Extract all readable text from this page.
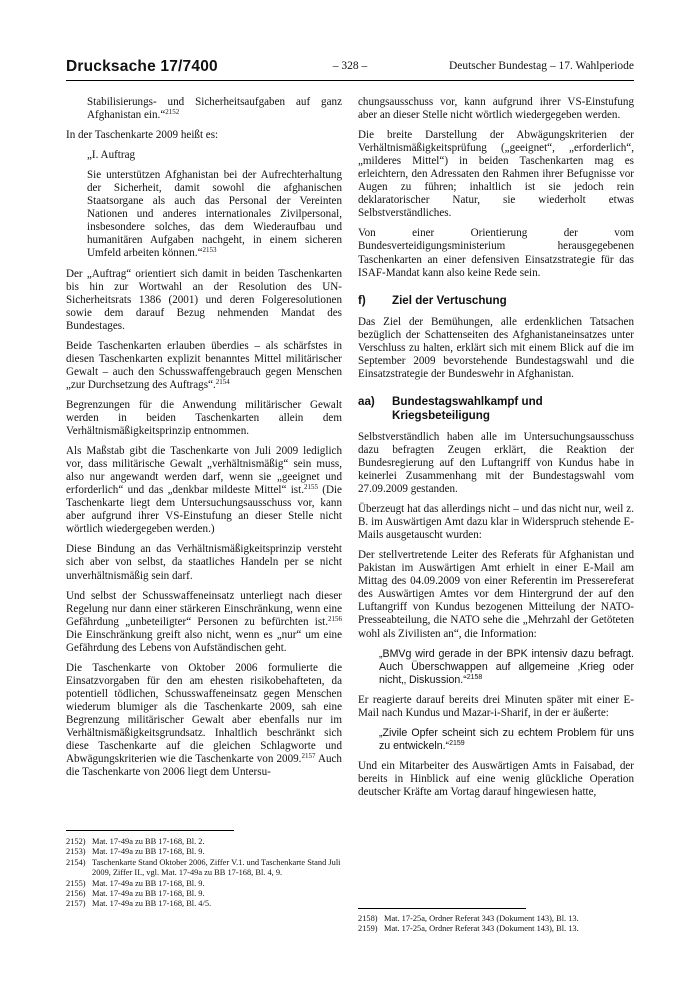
Drucksache 17/7400	– 328 –	Deutscher Bundestag – 17. Wahlperiode

Stabilisierungs- und Sicherheitsaufgaben auf ganz Afghanistan ein.“$^{2152}$

In der Taschenkarte 2009 heißt es:

„I. Auftrag

Sie unterstützen Afghanistan bei der Aufrechterhaltung der Sicherheit, damit sowohl die afghanischen Staatsorgane als auch das Personal der Vereinten Nationen und anderes internationales Zivilpersonal, insbesondere solches, das dem Wiederaufbau und humanitären Aufgaben nachgeht, in einem sicheren Umfeld arbeiten können.“$^{2153}$

Der „Auftrag“ orientiert sich damit in beiden Taschenkarten bis hin zur Wortwahl an der Resolution des UN-Sicherheitsrats 1386 (2001) und deren Folgeresolutionen sowie dem darauf Bezug nehmenden Mandat des Bundestages.

Beide Taschenkarten erlauben überdies – als schärfstes in diesen Taschenkarten explizit benanntes Mittel militärischer Gewalt – auch den Schusswaffengebrauch gegen Menschen „zur Durchsetzung des Auftrags“.$^{2154}$

Begrenzungen für die Anwendung militärischer Gewalt werden in beiden Taschenkarten allein dem Verhältnismäßigkeitsprinzip entnommen.

Als Maßstab gibt die Taschenkarte von Juli 2009 lediglich vor, dass militärische Gewalt „verhältnismäßig“ sein muss, also nur angewandt werden darf, wenn sie „geeignet und erforderlich“ und das „denkbar mildeste Mittel“ ist.$^{2155}$ (Die Taschenkarte liegt dem Untersuchungsausschuss vor, kann aber aufgrund ihrer VS-Einstufung an dieser Stelle nicht wörtlich wiedergegeben werden.)

Diese Bindung an das Verhältnismäßigkeitsprinzip versteht sich aber von selbst, da staatliches Handeln per se nicht unverhältnismäßig sein darf.

Und selbst der Schusswaffeneinsatz unterliegt nach dieser Regelung nur dann einer stärkeren Einschränkung, wenn eine Gefährdung „unbeteiligter“ Personen zu befürchten ist.$^{2156}$ Die Einschränkung greift also nicht, wenn es „nur“ um eine Gefährdung des Lebens von Aufständischen geht.

Die Taschenkarte von Oktober 2006 formulierte die Einsatzvorgaben für den am ehesten risikobehafteten, da potentiell tödlichen, Schusswaffeneinsatz gegen Menschen wiederum blumiger als die Taschenkarte 2009, sah eine Begrenzung militärischer Gewalt aber ebenfalls nur im Verhältnismäßigkeitsgrundsatz. Inhaltlich beschränkt sich diese Taschenkarte auf die gleichen Schlagworte und Abwägungskriterien wie die Taschenkarte von 2009.$^{2157}$ Auch die Taschenkarte von 2006 liegt dem Untersu-

2152) Mat. 17-49a zu BB 17-168, Bl. 2.
2153) Mat. 17-49a zu BB 17-168, Bl. 9.
2154) Taschenkarte Stand Oktober 2006, Ziffer V.1. und Taschenkarte Stand Juli 2009, Ziffer II., vgl. Mat. 17-49a zu BB 17-168, Bl. 4, 9.
2155) Mat. 17-49a zu BB 17-168, Bl. 9.
2156) Mat. 17-49a zu BB 17-168, Bl. 9.
2157) Mat. 17-49a zu BB 17-168, Bl. 4/5.

chungsausschuss vor, kann aufgrund ihrer VS-Einstufung aber an dieser Stelle nicht wörtlich wiedergegeben werden.

Die breite Darstellung der Abwägungskriterien der Verhältnismäßigkeitsprüfung („geeignet“, „erforderlich“, „milderes Mittel“) in beiden Taschenkarten mag es erleichtern, den Adressaten den Rahmen ihrer Befugnisse vor Augen zu führen; inhaltlich ist sie jedoch rein deklaratorischer Natur, sie wiederholt etwas Selbstverständliches.

Von einer Orientierung der vom Bundesverteidigungsministerium herausgegebenen Taschenkarten an einer defensiven Einsatzstrategie für das ISAF-Mandat kann also keine Rede sein.

f)	Ziel der Vertuschung

Das Ziel der Bemühungen, alle erdenklichen Tatsachen bezüglich der Schattenseiten des Afghanistaneinsatzes unter Verschluss zu halten, erklärt sich mit einem Blick auf die im September 2009 bevorstehende Bundestagswahl und die Einsatzstrategie der Bundeswehr in Afghanistan.

aa)	Bundestagswahlkampf und Kriegsbeteiligung

Selbstverständlich haben alle im Untersuchungsausschuss dazu befragten Zeugen erklärt, die Reaktion der Bundesregierung auf den Luftangriff von Kundus habe in keinerlei Zusammenhang mit der Bundestagswahl vom 27.09.2009 gestanden.

Überzeugt hat das allerdings nicht – und das nicht nur, weil z. B. im Auswärtigen Amt dazu klar in Widerspruch stehende E-Mails ausgetauscht wurden:

Der stellvertretende Leiter des Referats für Afghanistan und Pakistan im Auswärtigen Amt erhielt in einer E-Mail am Mittag des 04.09.2009 von einer Referentin im Pressereferat des Auswärtigen Amtes vor dem Hintergrund der auf den Luftangriff von Kundus bezogenen Mitteilung der NATO-Presseabteilung, die NATO sehe die „Mehrzahl der Getöteten wohl als Zivilisten an“, die Information:

„BMVg wird gerade in der BPK intensiv dazu befragt. Auch Überschwappen auf allgemeine ‚Krieg oder nicht‚‚ Diskussion.“$^{2158}$

Er reagierte darauf bereits drei Minuten später mit einer E-Mail nach Kundus und Mazar-i-Sharif, in der er äußerte:

„Zivile Opfer scheint sich zu echtem Problem für uns zu entwickeln.“$^{2159}$

Und ein Mitarbeiter des Auswärtigen Amts in Faisabad, der bereits in Hinblick auf eine wenig glückliche Operation deutscher Kräfte am Vortag darauf hingewiesen hatte,

2158) Mat. 17-25a, Ordner Referat 343 (Dokument 143), Bl. 13.
2159) Mat. 17-25a, Ordner Referat 343 (Dokument 143), Bl. 13.
